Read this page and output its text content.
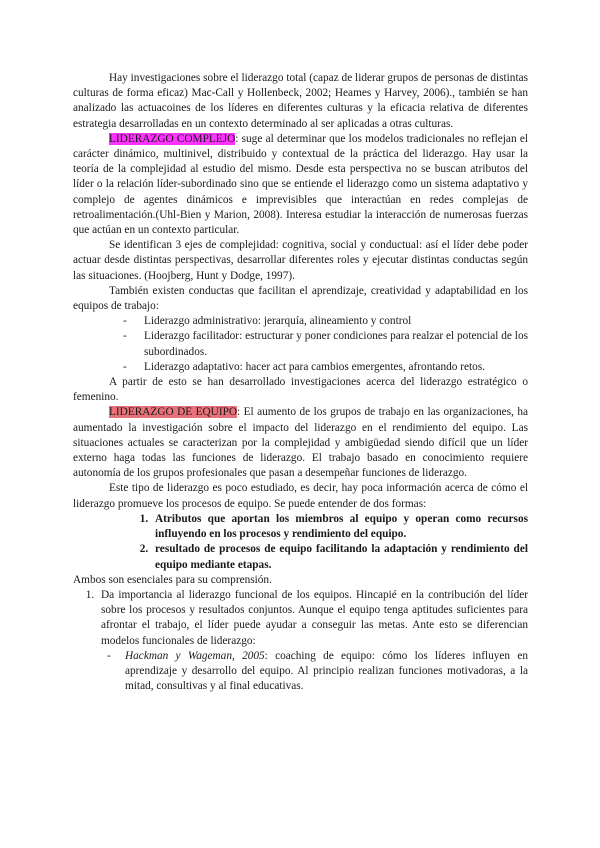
Hay investigaciones sobre el liderazgo total (capaz de liderar grupos de personas de distintas culturas de forma eficaz) Mac-Call y Hollenbeck, 2002; Heames y Harvey, 2006)., también se han analizado las actuacoines de los líderes en diferentes culturas y la eficacia relativa de diferentes estrategia desarrolladas en un contexto determinado al ser aplicadas a otras culturas.

LIDERAZGO COMPLEJO: suge al determinar que los modelos tradicionales no reflejan el carácter dinámico, multinivel, distribuido y contextual de la práctica del liderazgo. Hay usar la teoría de la complejidad al estudio del mismo. Desde esta perspectiva no se buscan atributos del líder o la relación líder-subordinado sino que se entiende el liderazgo como un sistema adaptativo y complejo de agentes dinámicos e imprevisibles que interactúan en redes complejas de retroalimentación.(Uhl-Bien y Marion, 2008). Interesa estudiar la interacción de numerosas fuerzas que actúan en un contexto particular.

Se identifican 3 ejes de complejidad: cognitiva, social y conductual: así el líder debe poder actuar desde distintas perspectivas, desarrollar diferentes roles y ejecutar distintas conductas según las situaciones. (Hoojberg, Hunt y Dodge, 1997).

También existen conductas que facilitan el aprendizaje, creatividad y adaptabilidad en los equipos de trabajo:

- Liderazgo administrativo: jerarquía, alineamiento y control
- Liderazgo facilitador: estructurar y poner condiciones para realzar el potencial de los subordinados.
- Liderazgo adaptativo: hacer act para cambios emergentes, afrontando retos.

A partir de esto se han desarrollado investigaciones acerca del liderazgo estratégico o femenino.

LIDERAZGO DE EQUIPO: El aumento de los grupos de trabajo en las organizaciones, ha aumentado la investigación sobre el impacto del liderazgo en el rendimiento del equipo. Las situaciones actuales se caracterizan por la complejidad y ambigüedad siendo difícil que un líder externo haga todas las funciones de liderazgo. El trabajo basado en conocimiento requiere autonomía de los grupos profesionales que pasan a desempeñar funciones de liderazgo.

Este tipo de liderazgo es poco estudiado, es decir, hay poca información acerca de cómo el liderazgo promueve los procesos de equipo. Se puede entender de dos formas:

1. Atributos que aportan los miembros al equipo y operan como recursos influyendo en los procesos y rendimiento del equipo.
2. resultado de procesos de equipo facilitando la adaptación y rendimiento del equipo mediante etapas.

Ambos son esenciales para su comprensión.

1. Da importancia al liderazgo funcional de los equipos. Hincapié en la contribución del líder sobre los procesos y resultados conjuntos. Aunque el equipo tenga aptitudes suficientes para afrontar el trabajo, el líder puede ayudar a conseguir las metas. Ante esto se diferencian modelos funcionales de liderazgo:

- Hackman y Wageman, 2005: coaching de equipo: cómo los líderes influyen en aprendizaje y desarrollo del equipo. Al principio realizan funciones motivadoras, a la mitad, consultivas y al final educativas.
